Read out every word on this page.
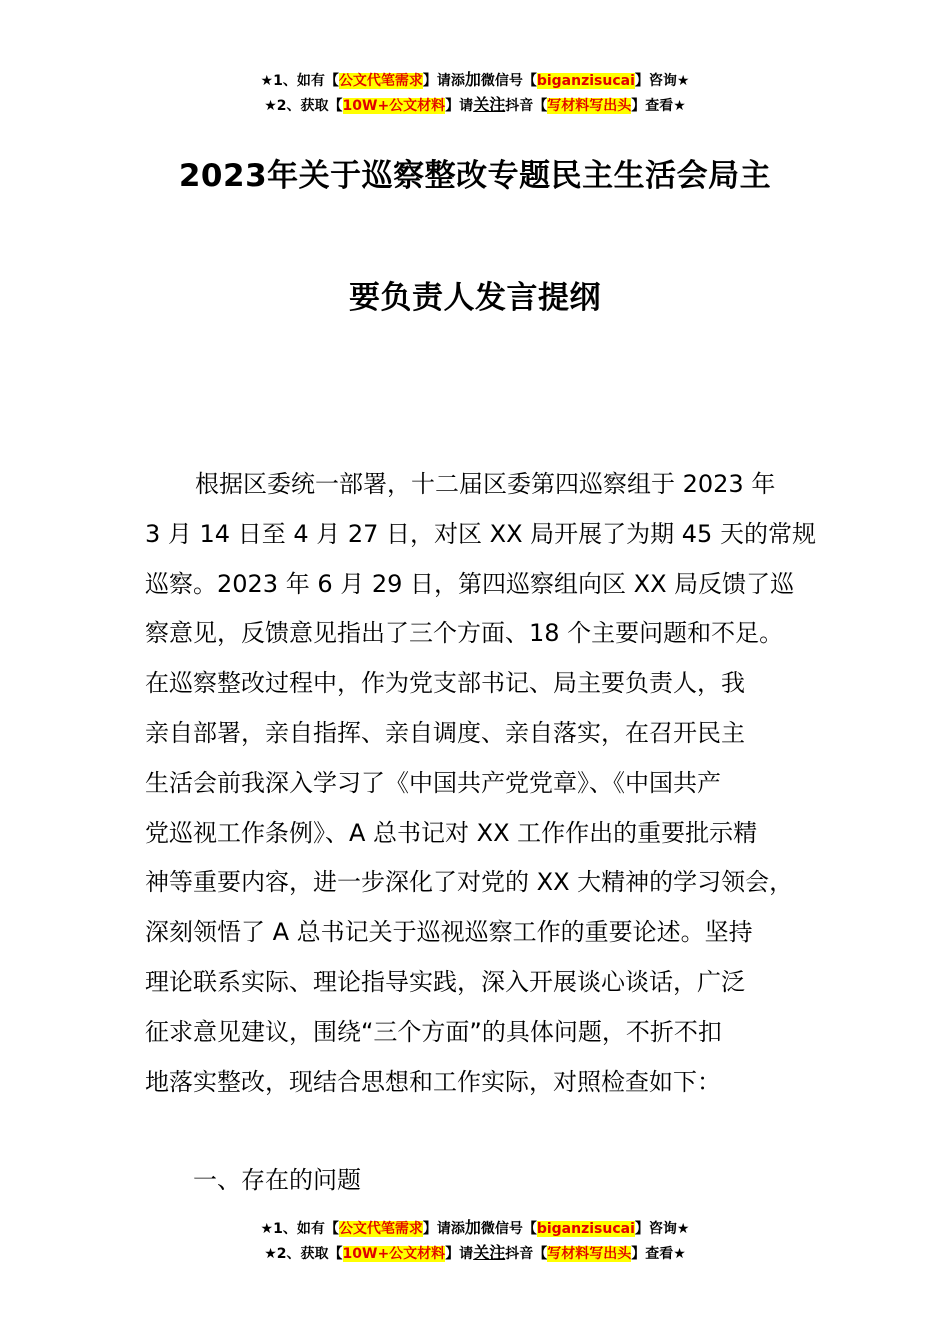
★1、如有【公文代笔需求】请添加微信号【biganzisucai】咨询★
★2、获取【10W+公文材料】请关注抖音【写材料写出头】查看★
2023年关于巡察整改专题民主生活会局主
要负责人发言提纲
根据区委统一部署，十二届区委第四巡察组于 2023 年
3 月 14 日至 4 月 27 日，对区 XX 局开展了为期 45 天的常规
巡察。2023 年 6 月 29 日，第四巡察组向区 XX 局反馈了巡
察意见，反馈意见指出了三个方面、18 个主要问题和不足。
在巡察整改过程中，作为党支部书记、局主要负责人，我
亲自部署，亲自指挥、亲自调度、亲自落实，在召开民主
生活会前我深入学习了《中国共产党党章》、《中国共产
党巡视工作条例》、A 总书记对 XX 工作作出的重要批示精
神等重要内容，进一步深化了对党的 XX 大精神的学习领会，
深刻领悟了 A 总书记关于巡视巡察工作的重要论述。坚持
理论联系实际、理论指导实践，深入开展谈心谈话，广泛
征求意见建议，围绕“三个方面”的具体问题，不折不扣
地落实整改，现结合思想和工作实际，对照检查如下：
一、存在的问题
★1、如有【公文代笔需求】请添加微信号【biganzisucai】咨询★
★2、获取【10W+公文材料】请关注抖音【写材料写出头】查看★
